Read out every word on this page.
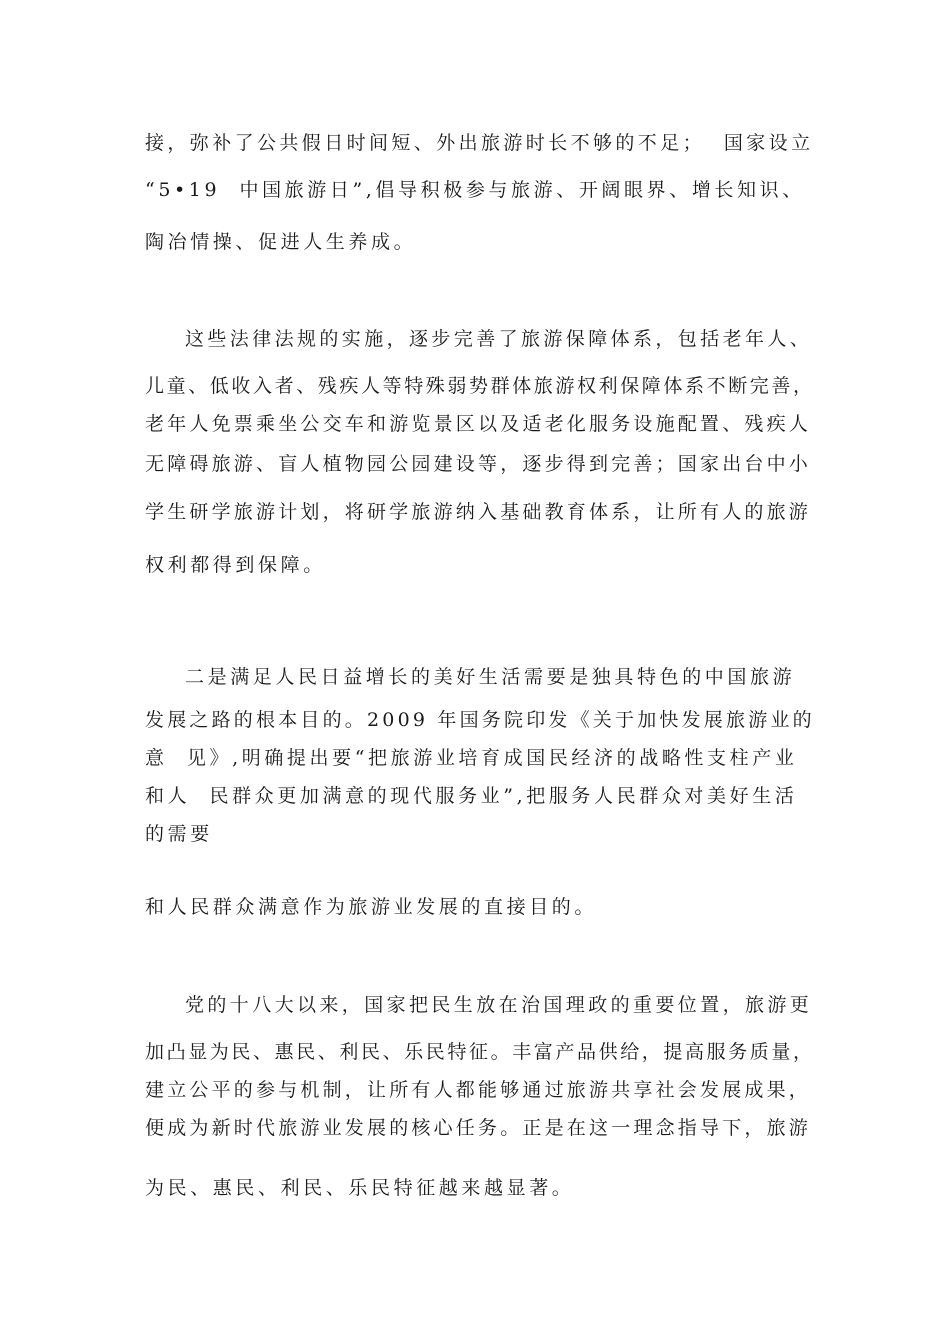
接，弥补了公共假日时间短、外出旅游时长不够的不足；  国家设立
“5•19  中国旅游日”,倡导积极参与旅游、开阔眼界、增长知识、
陶冶情操、促进人生养成。
这些法律法规的实施，逐步完善了旅游保障体系，包括老年人、
儿童、低收入者、残疾人等特殊弱势群体旅游权利保障体系不断完善，
老年人免票乘坐公交车和游览景区以及适老化服务设施配置、残疾人
无障碍旅游、盲人植物园公园建设等，逐步得到完善；国家出台中小
学生研学旅游计划，将研学旅游纳入基础教育体系，让所有人的旅游
权利都得到保障。
二是满足人民日益增长的美好生活需要是独具特色的中国旅游
发展之路的根本目的。2009 年国务院印发《关于加快发展旅游业的
意  见》,明确提出要“把旅游业培育成国民经济的战略性支柱产业
和人  民群众更加满意的现代服务业”,把服务人民群众对美好生活
的需要
和人民群众满意作为旅游业发展的直接目的。
党的十八大以来，国家把民生放在治国理政的重要位置，旅游更
加凸显为民、惠民、利民、乐民特征。丰富产品供给，提高服务质量，
建立公平的参与机制，让所有人都能够通过旅游共享社会发展成果，
便成为新时代旅游业发展的核心任务。正是在这一理念指导下，旅游
为民、惠民、利民、乐民特征越来越显著。
